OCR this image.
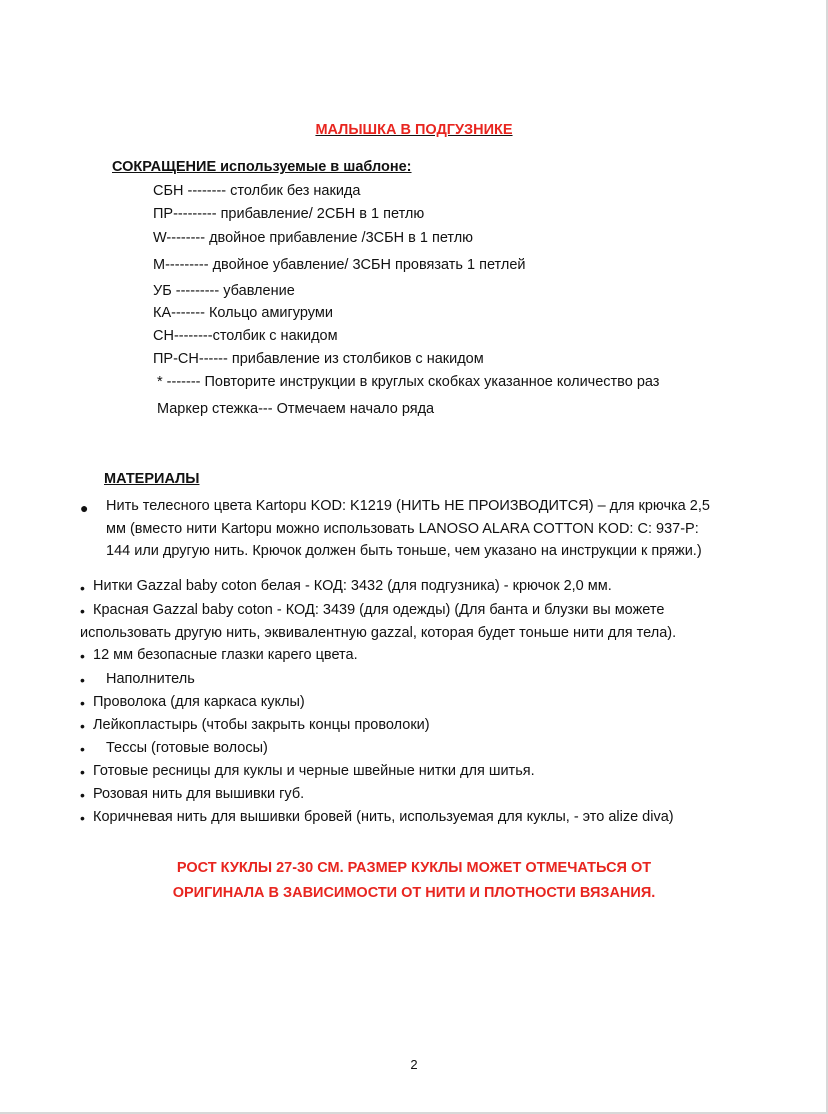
МАЛЫШКА В ПОДГУЗНИКЕ
СОКРАЩЕНИЕ используемые в шаблоне:
СБН -------- столбик без накида
ПР--------- прибавление/ 2СБН в 1 петлю
W-------- двойное прибавление /3СБН в 1 петлю
М--------- двойное убавление/ 3СБН провязать 1 петлей
УБ --------- убавление
КА------- Кольцо амигуруми
СН--------столбик с накидом
ПР-СН------ прибавление из столбиков с накидом
* ------- Повторите инструкции в круглых скобках указанное количество раз
Маркер стежка--- Отмечаем начало ряда
МАТЕРИАЛЫ
● Нить телесного цвета Kartopu KOD: K1219 (НИТЬ НЕ ПРОИЗВОДИТСЯ) – для крючка 2,5 мм (вместо нити Kartopu можно использовать LANOSO ALARA COTTON KOD: C: 937-P: 144 или другую нить. Крючок должен быть тоньше, чем указано на инструкции к пряжи.)
• Нитки Gazzal baby coton белая - КОД: 3432 (для подгузника) - крючок 2,0 мм.
• Красная Gazzal baby coton - КОД: 3439 (для одежды) (Для банта и блузки вы можете использовать другую нить, эквивалентную gazzal, которая будет тоньше нити для тела).
• 12 мм безопасные глазки карего цвета.
• Наполнитель
• Проволока (для каркаса куклы)
• Лейкопластырь (чтобы закрыть концы проволоки)
• Тессы (готовые волосы)
• Готовые ресницы для куклы и черные швейные нитки для шитья.
• Розовая нить для вышивки губ.
• Коричневая нить для вышивки бровей (нить, используемая для куклы, - это alize diva)
РОСТ КУКЛЫ 27-30 СМ. РАЗМЕР КУКЛЫ МОЖЕТ ОТМЕЧАТЬСЯ ОТ
ОРИГИНАЛА В ЗАВИСИМОСТИ ОТ НИТИ И ПЛОТНОСТИ ВЯЗАНИЯ.
2
